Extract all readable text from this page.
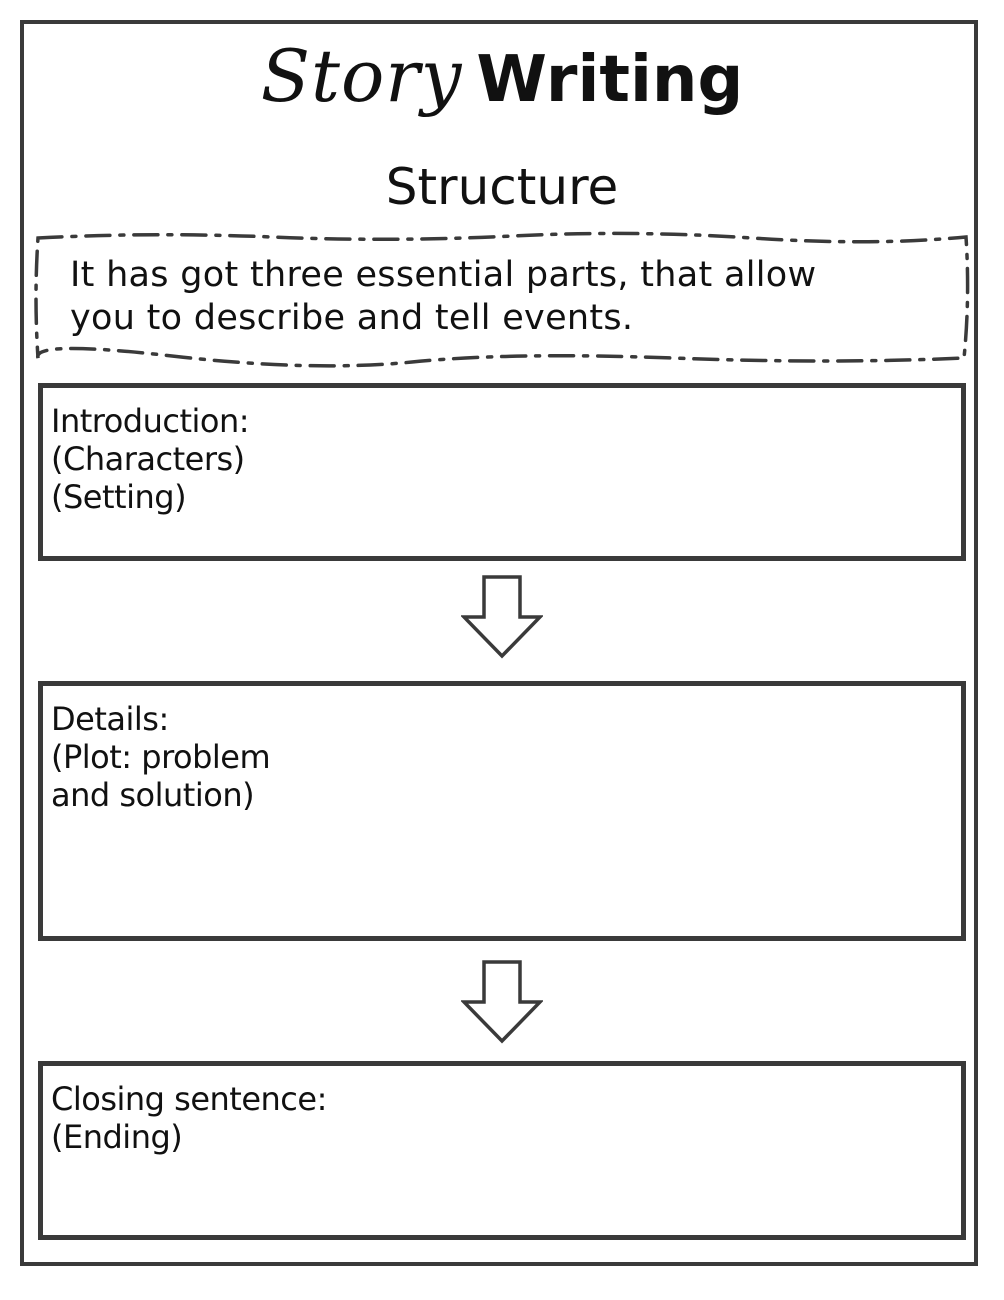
Story Writing
Structure
It has got three essential parts, that allow
you to describe and tell events.
Introduction:
(Characters)
(Setting)
Details:
(Plot: problem
and solution)
Closing sentence:
(Ending)
